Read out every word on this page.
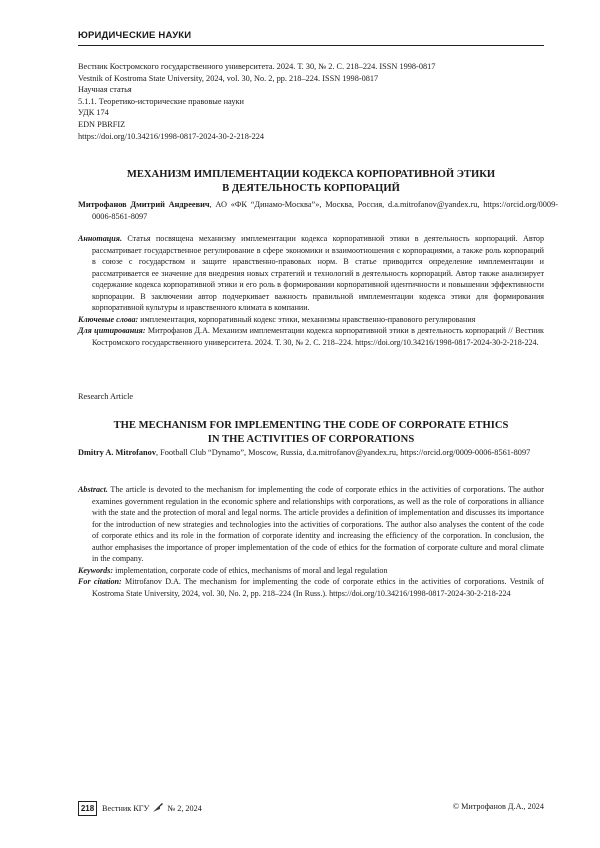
ЮРИДИЧЕСКИЕ НАУКИ
Вестник Костромского государственного университета. 2024. Т. 30, № 2. С. 218–224. ISSN 1998-0817
Vestnik of Kostroma State University, 2024, vol. 30, No. 2, pp. 218–224. ISSN 1998-0817
Научная статья
5.1.1. Теоретико-исторические правовые науки
УДК 174
EDN PBRFIZ
https://doi.org/10.34216/1998-0817-2024-30-2-218-224
МЕХАНИЗМ ИМПЛЕМЕНТАЦИИ КОДЕКСА КОРПОРАТИВНОЙ ЭТИКИ
В ДЕЯТЕЛЬНОСТЬ КОРПОРАЦИЙ
Митрофанов Дмитрий Андреевич, АО «ФК “Динамо-Москва”», Москва, Россия, d.a.mitrofanov@yandex.ru, https://orcid.org/0009-0006-8561-8097

Аннотация. Статья посвящена механизму имплементации кодекса корпоративной этики в деятельность корпораций. Автор рассматривает государственное регулирование в сфере экономики и взаимоотношения с корпорациями, а также роль корпораций в союзе с государством и защите нравственно-правовых норм. В статье приводится определение имплементации и рассматривается ее значение для внедрения новых стратегий и технологий в деятельность корпораций. Автор также анализирует содержание кодекса корпоративной этики и его роль в формировании корпоративной идентичности и повышении эффективности корпорации. В заключении автор подчеркивает важность правильной имплементации кодекса этики для формирования корпоративной культуры и нравственного климата в компании.

Ключевые слова: имплементация, корпоративный кодекс этики, механизмы нравственно-правового регулирования

Для цитирования: Митрофанов Д.А. Механизм имплементации кодекса корпоративной этики в деятельность корпораций // Вестник Костромского государственного университета. 2024. Т. 30, № 2. С. 218–224. https://doi.org/10.34216/1998-0817-2024-30-2-218-224.

Research Article
THE MECHANISM FOR IMPLEMENTING THE CODE OF CORPORATE ETHICS
IN THE ACTIVITIES OF CORPORATIONS
Dmitry A. Mitrofanov, Football Club “Dynamo”, Moscow, Russia, d.a.mitrofanov@yandex.ru, https://orcid.org/0009-0006-8561-8097

Abstract. The article is devoted to the mechanism for implementing the code of corporate ethics in the activities of corporations. The author examines government regulation in the economic sphere and relationships with corporations, as well as the role of corporations in alliance with the state and the protection of moral and legal norms. The article provides a definition of implementation and discusses its importance for the introduction of new strategies and technologies into the activities of corporations. The author also analyses the content of the code of corporate ethics and its role in the formation of corporate identity and increasing the efficiency of the corporation. In conclusion, the author emphasises the importance of proper implementation of the code of ethics for the formation of corporate culture and moral climate in the company.

Keywords: implementation, corporate code of ethics, mechanisms of moral and legal regulation

For citation: Mitrofanov D.A. The mechanism for implementing the code of corporate ethics in the activities of corporations. Vestnik of Kostroma State University, 2024, vol. 30, No. 2, pp. 218–224 (In Russ.). https://doi.org/10.34216/1998-0817-2024-30-2-218-224

218 Вестник КГУ № 2, 2024	© Митрофанов Д.А., 2024
